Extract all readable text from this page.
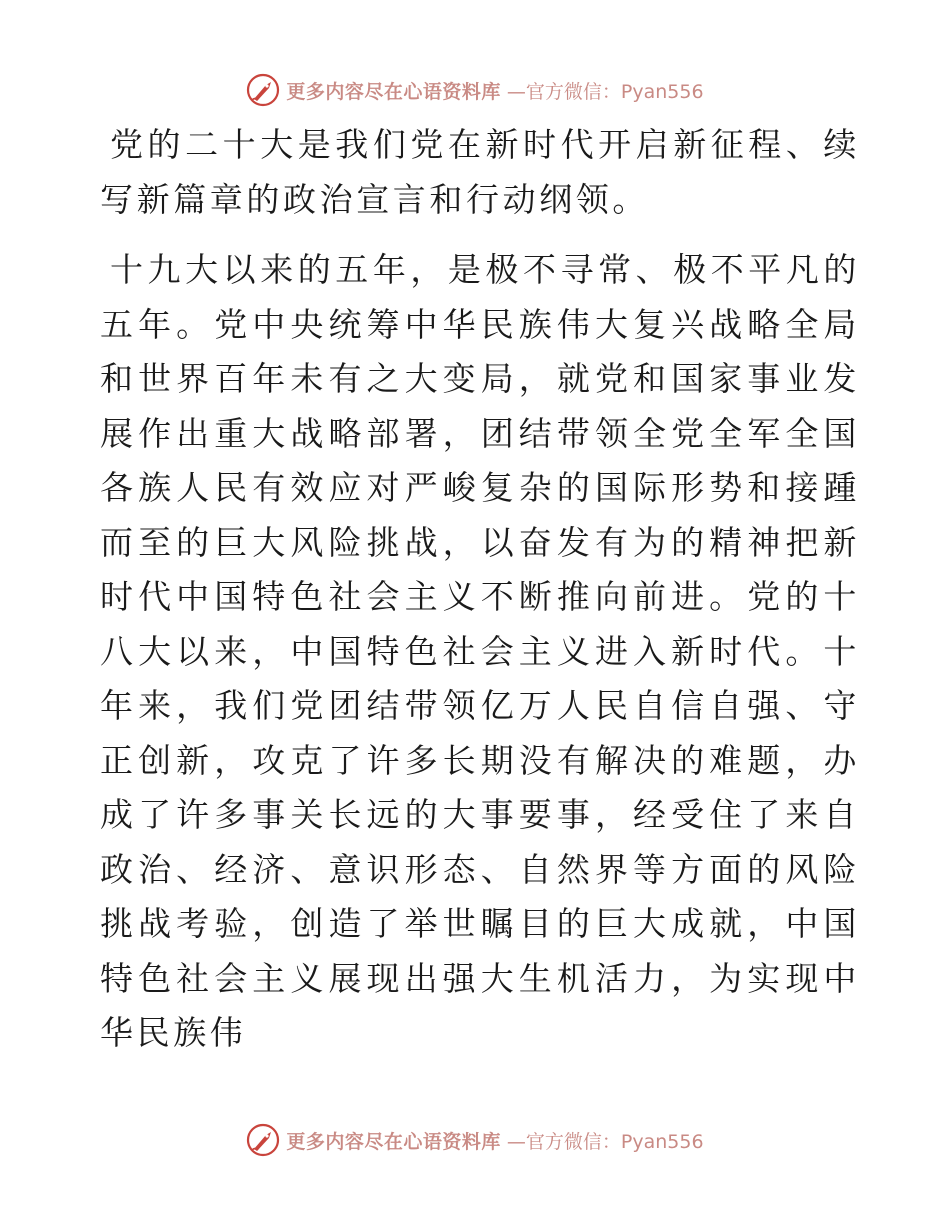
更多内容尽在心语资料库 —官方微信：Pyan556

党的二十大是我们党在新时代开启新征程、续写新篇章的政治宣言和行动纲领。

十九大以来的五年，是极不寻常、极不平凡的五年。党中央统筹中华民族伟大复兴战略全局和世界百年未有之大变局，就党和国家事业发展作出重大战略部署，团结带领全党全军全国各族人民有效应对严峻复杂的国际形势和接踵而至的巨大风险挑战，以奋发有为的精神把新时代中国特色社会主义不断推向前进。党的十八大以来，中国特色社会主义进入新时代。十年来，我们党团结带领亿万人民自信自强、守正创新，攻克了许多长期没有解决的难题，办成了许多事关长远的大事要事，经受住了来自政治、经济、意识形态、自然界等方面的风险挑战考验，创造了举世瞩目的巨大成就，中国特色社会主义展现出强大生机活力，为实现中华民族伟

更多内容尽在心语资料库 —官方微信：Pyan556
